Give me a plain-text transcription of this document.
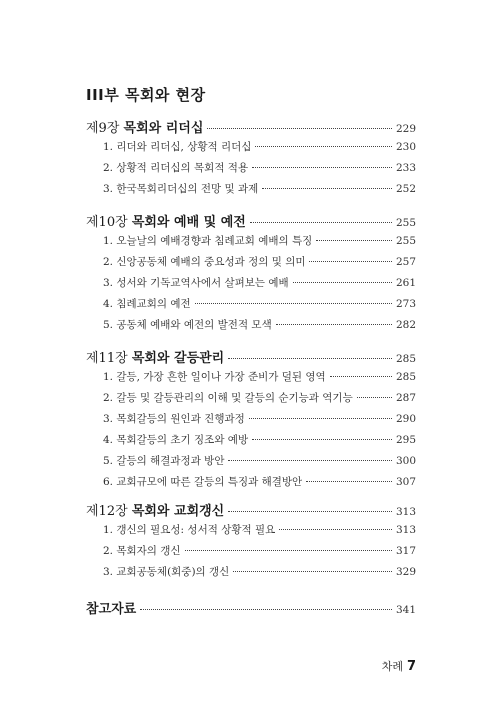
III부 목회와 현장
제9장 목회와 리더십	229
1. 리더와 리더십, 상황적 리더십	230
2. 상황적 리더십의 목회적 적용	233
3. 한국목회리더십의 전망 및 과제	252
제10장 목회와 예배 및 예전	255
1. 오늘날의 예배경향과 침례교회 예배의 특징	255
2. 신앙공동체 예배의 중요성과 정의 및 의미	257
3. 성서와 기독교역사에서 살펴보는 예배	261
4. 침례교회의 예전	273
5. 공동체 예배와 예전의 발전적 모색	282
제11장 목회와 갈등관리	285
1. 갈등, 가장 흔한 일이나 가장 준비가 덜된 영역	285
2. 갈등 및 갈등관리의 이해 및 갈등의 순기능과 역기능	287
3. 목회갈등의 원인과 진행과정	290
4. 목회갈등의 초기 징조와 예방	295
5. 갈등의 해결과정과 방안	300
6. 교회규모에 따른 갈등의 특징과 해결방안	307
제12장 목회와 교회갱신	313
1. 갱신의 필요성: 성서적 상황적 필요	313
2. 목회자의 갱신	317
3. 교회공동체(회중)의 갱신	329
참고자료	341
차례 7
